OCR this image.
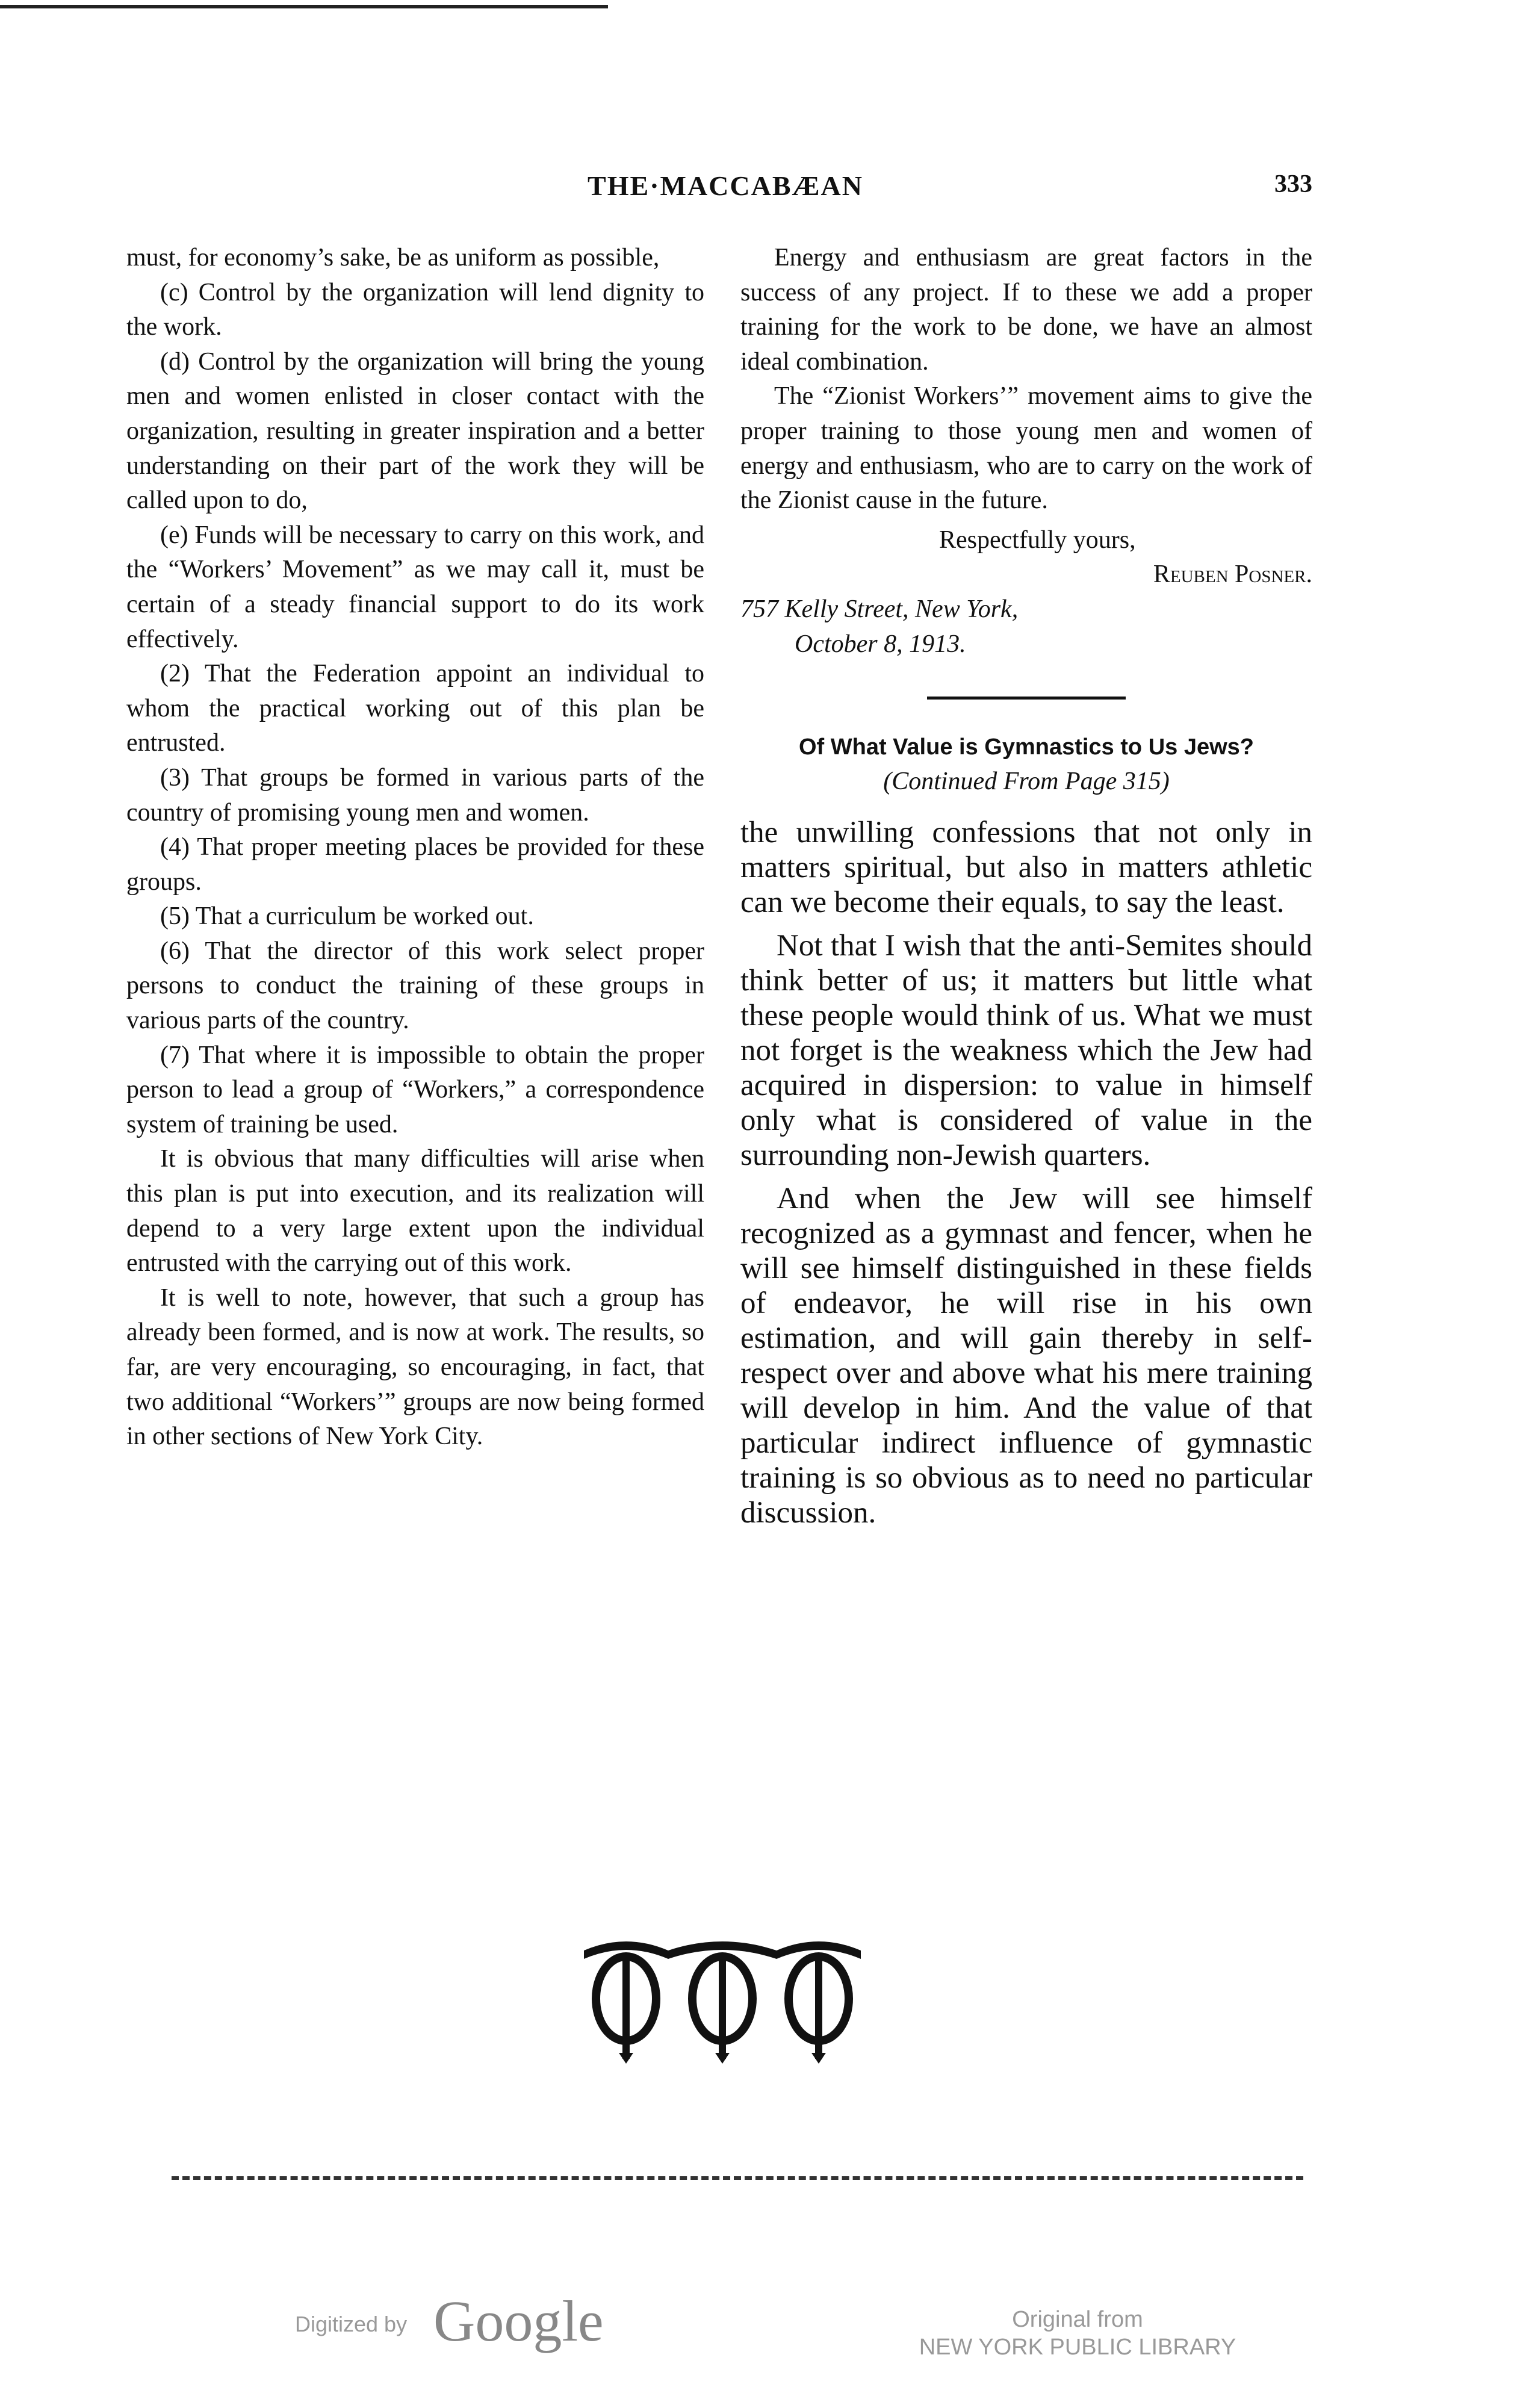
THE·MACCABÆAN	333

must, for economy’s sake, be as uniform as possible,

(c) Control by the organization will lend dignity to the work.

(d) Control by the organization will bring the young men and women enlisted in closer contact with the organization, resulting in greater inspiration and a better understanding on their part of the work they will be called upon to do,

(e) Funds will be necessary to carry on this work, and the “Workers’ Movement” as we may call it, must be certain of a steady financial support to do its work effectively.

(2) That the Federation appoint an individual to whom the practical working out of this plan be entrusted.

(3) That groups be formed in various parts of the country of promising young men and women.

(4) That proper meeting places be provided for these groups.

(5) That a curriculum be worked out.

(6) That the director of this work select proper persons to conduct the training of these groups in various parts of the country.

(7) That where it is impossible to obtain the proper person to lead a group of “Workers,” a correspondence system of training be used.

It is obvious that many difficulties will arise when this plan is put into execution, and its realization will depend to a very large extent upon the individual entrusted with the carrying out of this work.

It is well to note, however, that such a group has already been formed, and is now at work. The results, so far, are very encouraging, so encouraging, in fact, that two additional “Workers’” groups are now being formed in other sections of New York City.

Energy and enthusiasm are great factors in the success of any project. If to these we add a proper training for the work to be done, we have an almost ideal combination.

The “Zionist Workers’” movement aims to give the proper training to those young men and women of energy and enthusiasm, who are to carry on the work of the Zionist cause in the future.

Respectfully yours,
Reuben Posner.
757 Kelly Street, New York,
October 8, 1913.
Of What Value is Gymnastics to Us Jews?
(Continued From Page 315)

the unwilling confessions that not only in matters spiritual, but also in matters athletic can we become their equals, to say the least.

Not that I wish that the anti-Semites should think better of us; it matters but little what these people would think of us. What we must not forget is the weakness which the Jew had acquired in dispersion: to value in himself only what is considered of value in the surrounding non-Jewish quarters.

And when the Jew will see himself recognized as a gymnast and fencer, when he will see himself distinguished in these fields of endeavor, he will rise in his own estimation, and will gain thereby in self-respect over and above what his mere training will develop in him. And the value of that particular indirect influence of gymnastic training is so obvious as to need no particular discussion.

Digitized by Google	Original from
NEW YORK PUBLIC LIBRARY
